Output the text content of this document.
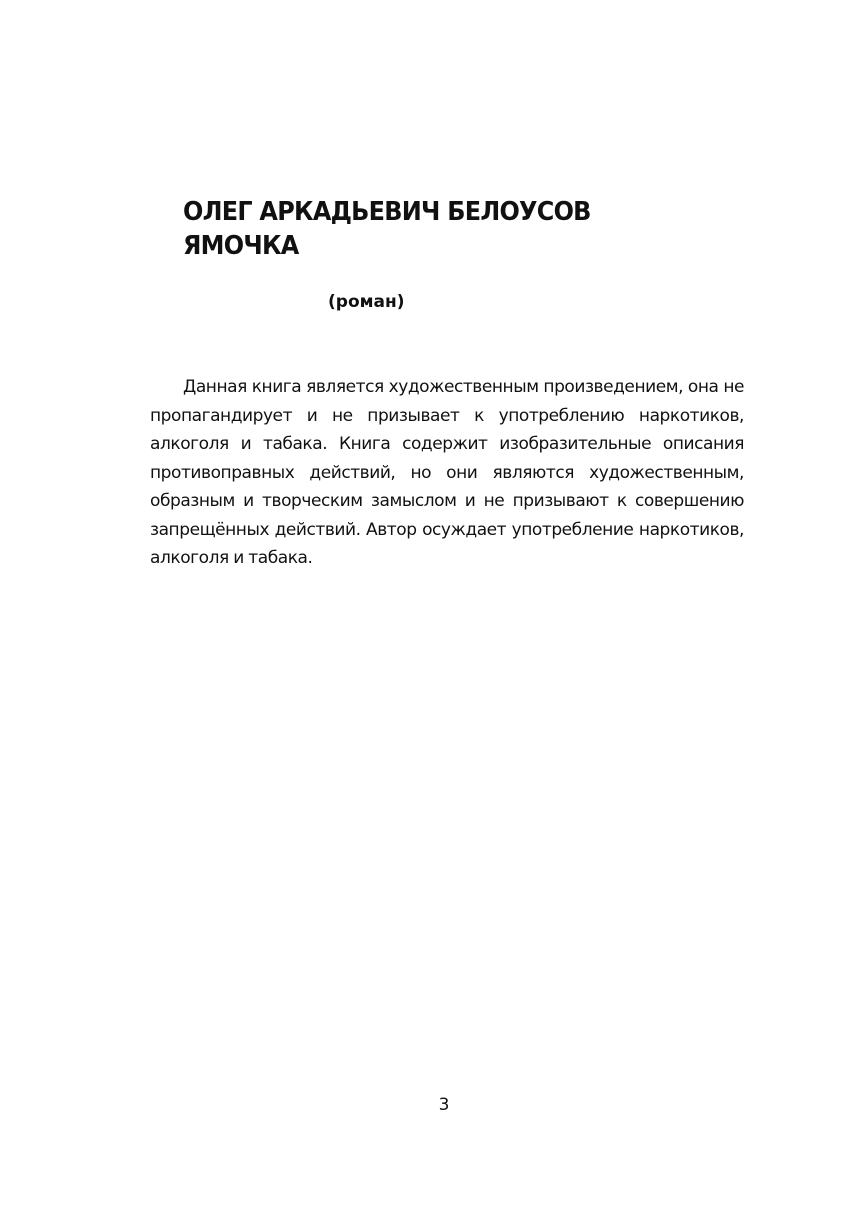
ОЛЕГ АРКАДЬЕВИЧ БЕЛОУСОВ
ЯМОЧКА
(роман)

Данная книга является художественным произведением, она не пропагандирует и не призывает к употреблению наркотиков, алкоголя и табака. Книга содержит изобразительные описания противоправных действий, но они являются художественным, образным и творческим замыслом и не призывают к совершению запрещённых действий. Автор осуждает употребление наркотиков, алкоголя и табака.

3
